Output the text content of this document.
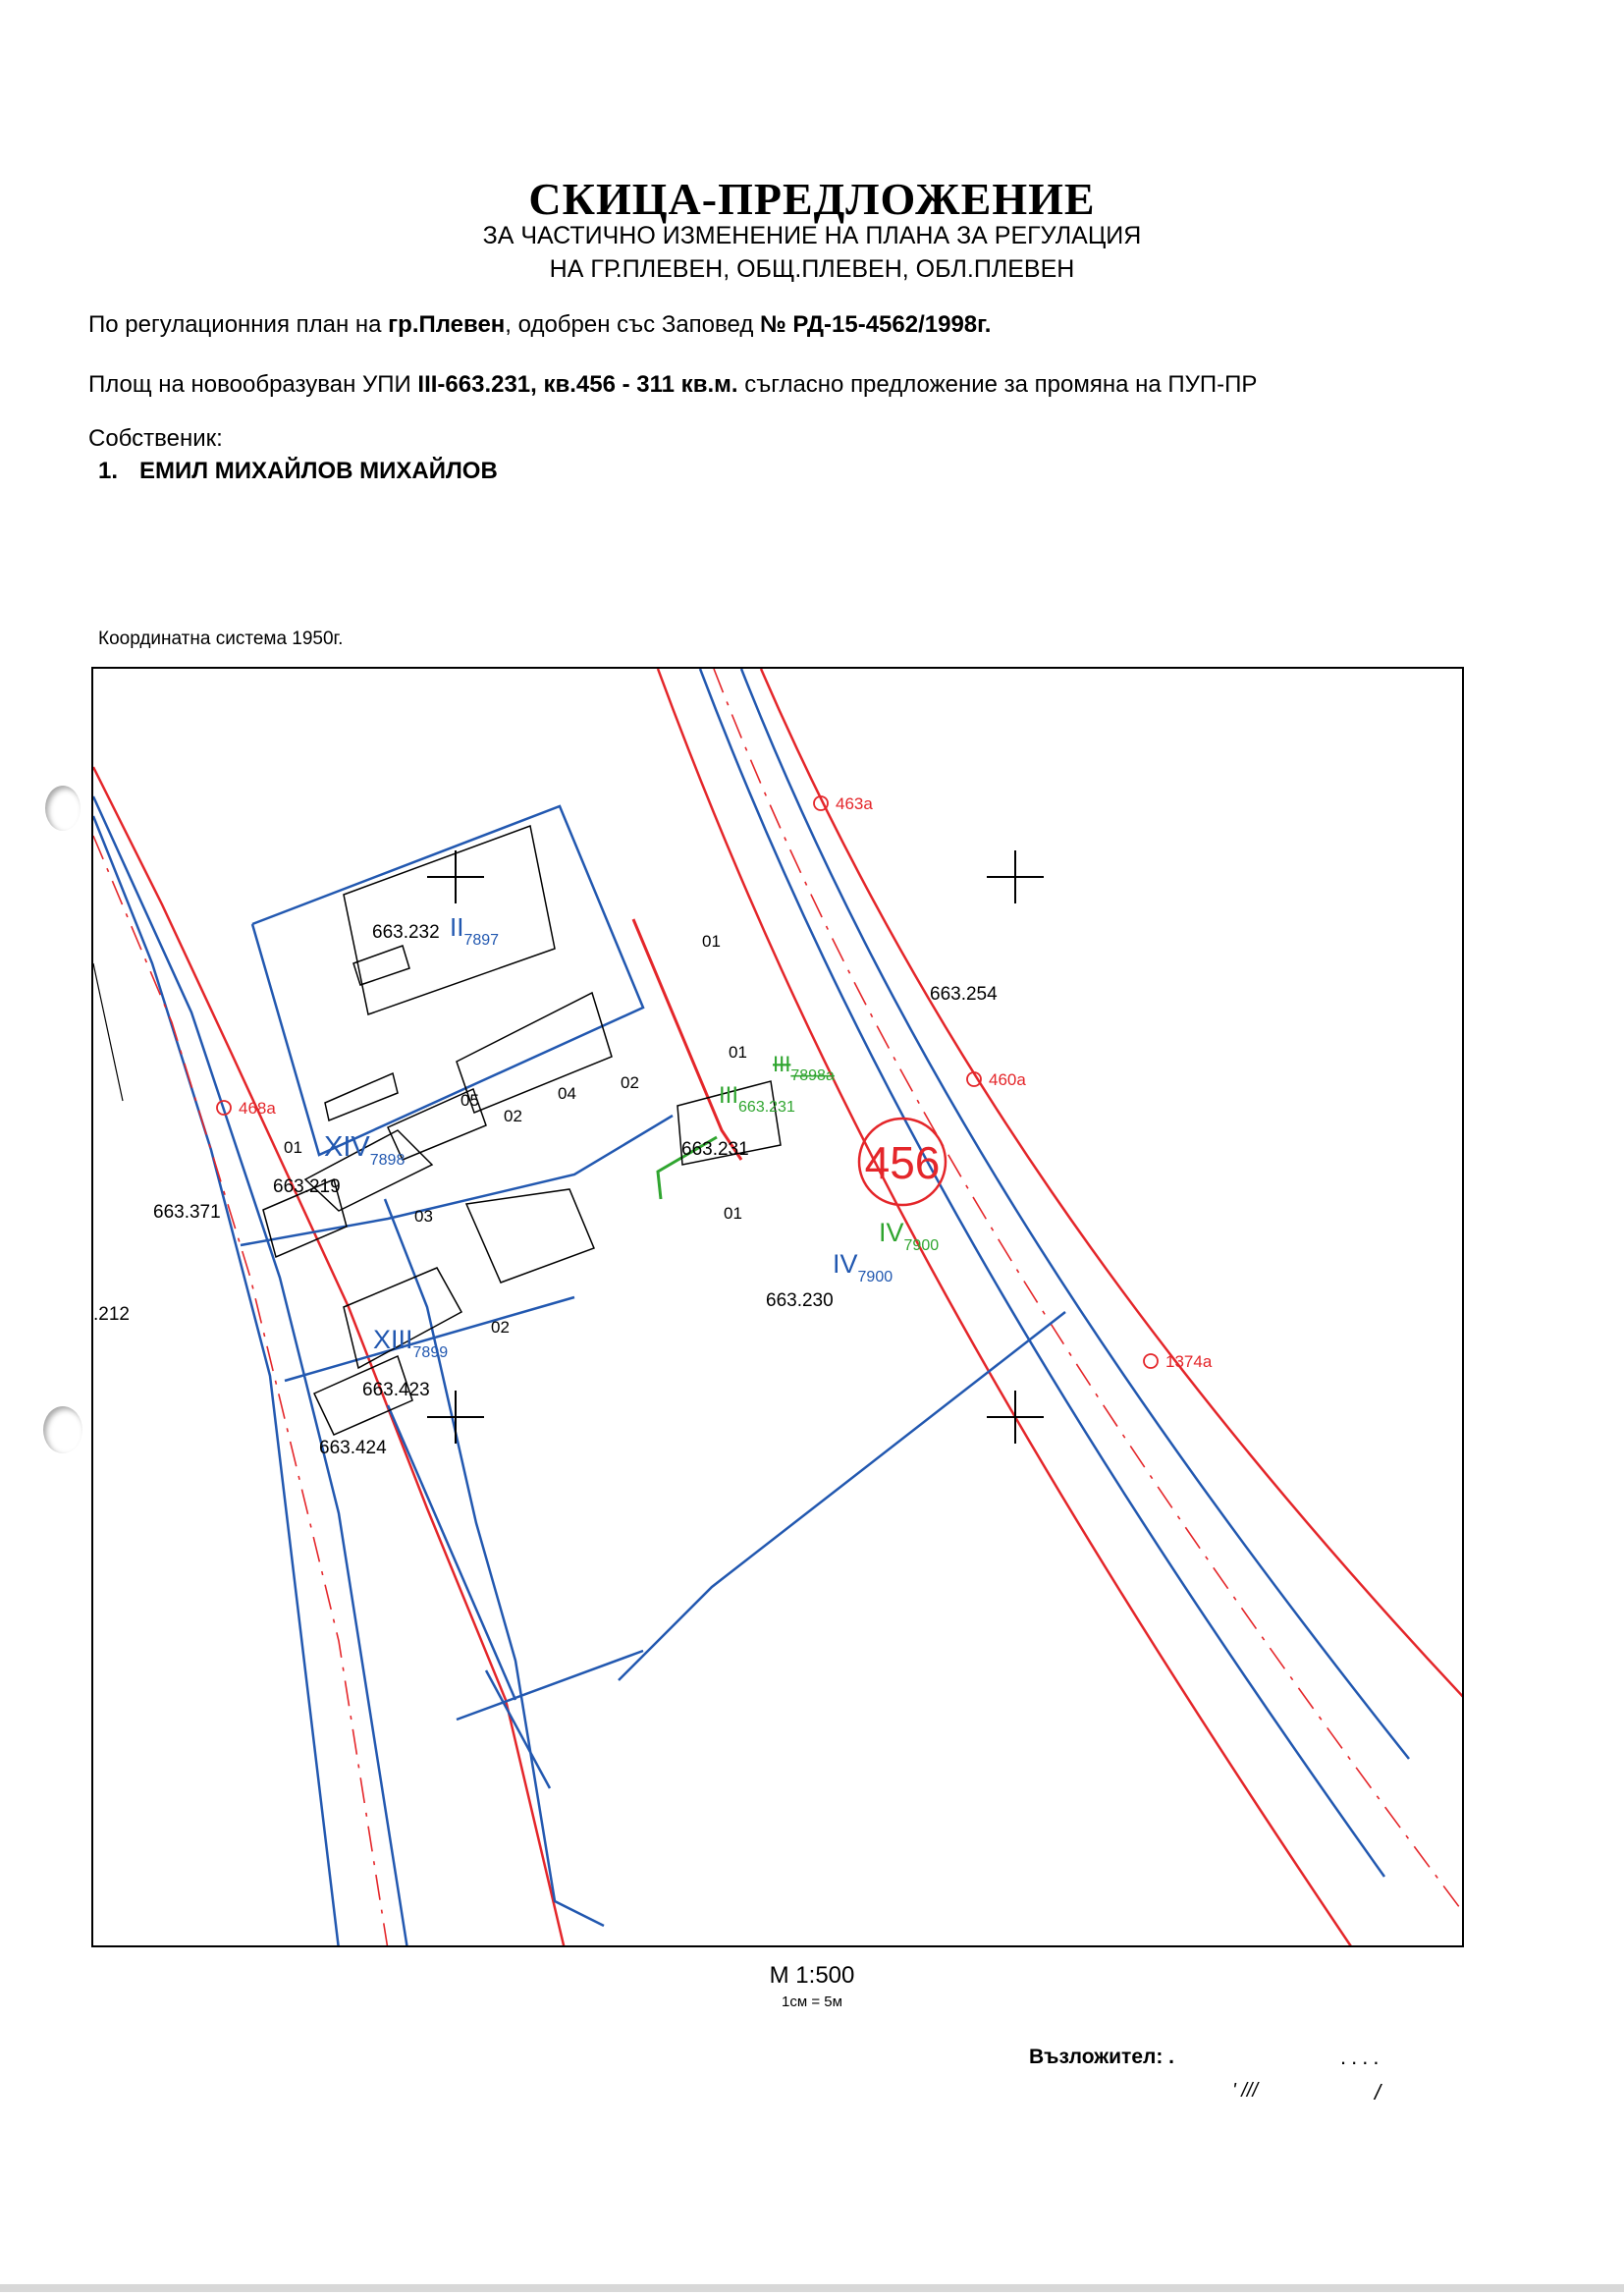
СКИЦА-ПРЕДЛОЖЕНИЕ
ЗА ЧАСТИЧНО ИЗМЕНЕНИЕ НА ПЛАНА ЗА РЕГУЛАЦИЯ
НА ГР.ПЛЕВЕН, ОБЩ.ПЛЕВЕН, ОБЛ.ПЛЕВЕН
По регулационния план на гр.Плевен, одобрен със Заповед № РД-15-4562/1998г.
Площ на новообразуван УПИ III-663.231, кв.456 - 311 кв.м. съгласно предложение за промяна на ПУП-ПР
Собственик:
1. ЕМИЛ МИХАЙЛОВ МИХАЙЛОВ
Координатна система 1950г.
463a
460a
1374a
468a
663.232
663.254
663.231
663.219
663.371
663.230
663.423
663.424
.212
01
01
02
05
02
04
01
03	01
02
$II_{7897}$
$XIV_{7898}$
$IV_{7900}$
$XIII_{7899}$
$III_{663.231}$
$IV_{7900}$
$III_{7898a}$
456
М 1:500
1см = 5м
Възложител: .	....
' ///	/
